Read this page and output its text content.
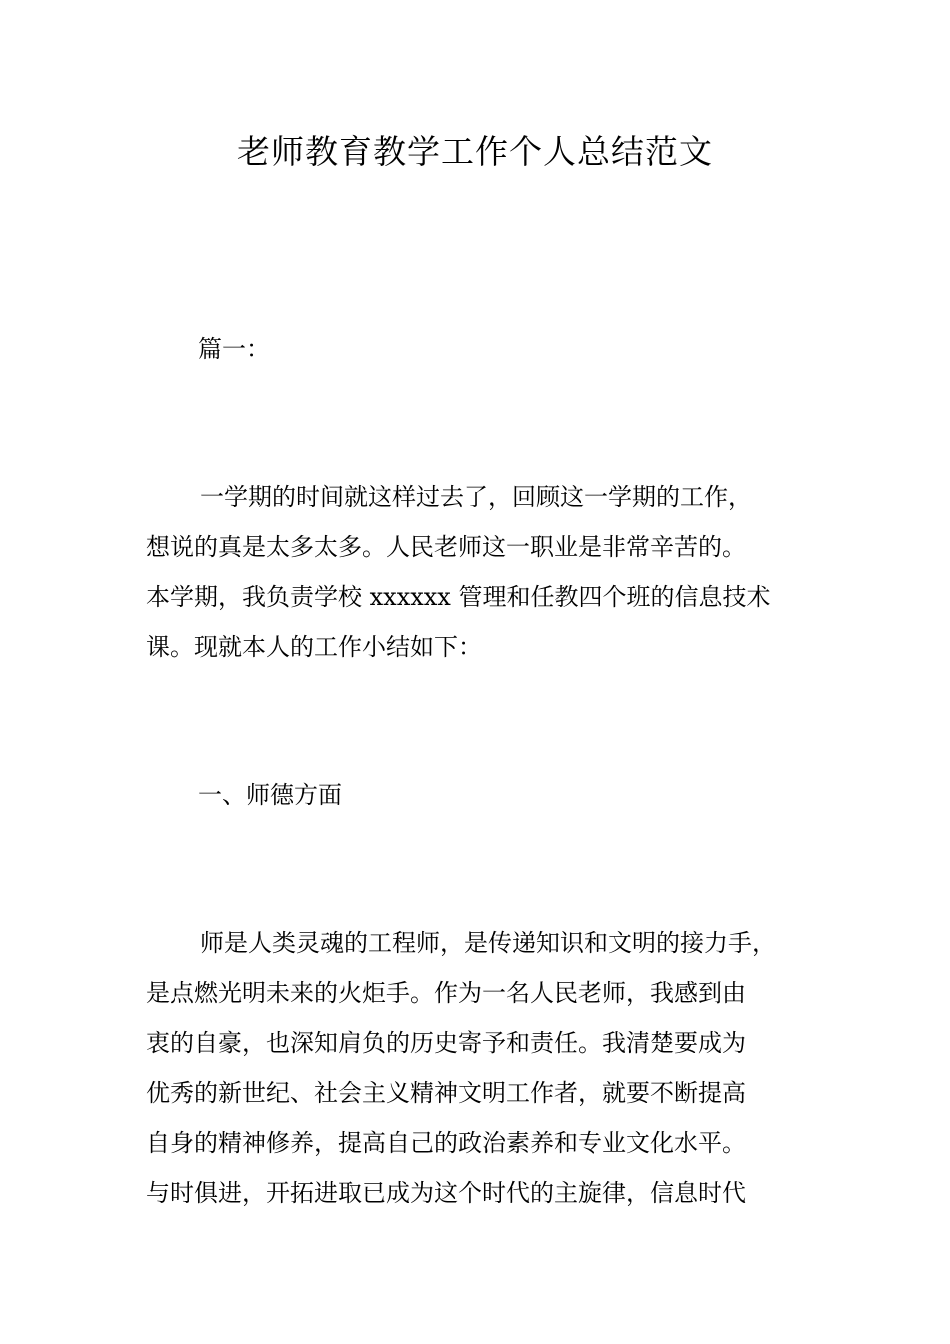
老师教育教学工作个人总结范文
篇一：
一学期的时间就这样过去了，回顾这一学期的工作，
想说的真是太多太多。人民老师这一职业是非常辛苦的。
本学期，我负责学校 xxxxxx 管理和任教四个班的信息技术
课。现就本人的工作小结如下：
一、师德方面
师是人类灵魂的工程师，是传递知识和文明的接力手，
是点燃光明未来的火炬手。作为一名人民老师，我感到由
衷的自豪，也深知肩负的历史寄予和责任。我清楚要成为
优秀的新世纪、社会主义精神文明工作者，就要不断提高
自身的精神修养，提高自己的政治素养和专业文化水平。
与时俱进，开拓进取已成为这个时代的主旋律，信息时代
